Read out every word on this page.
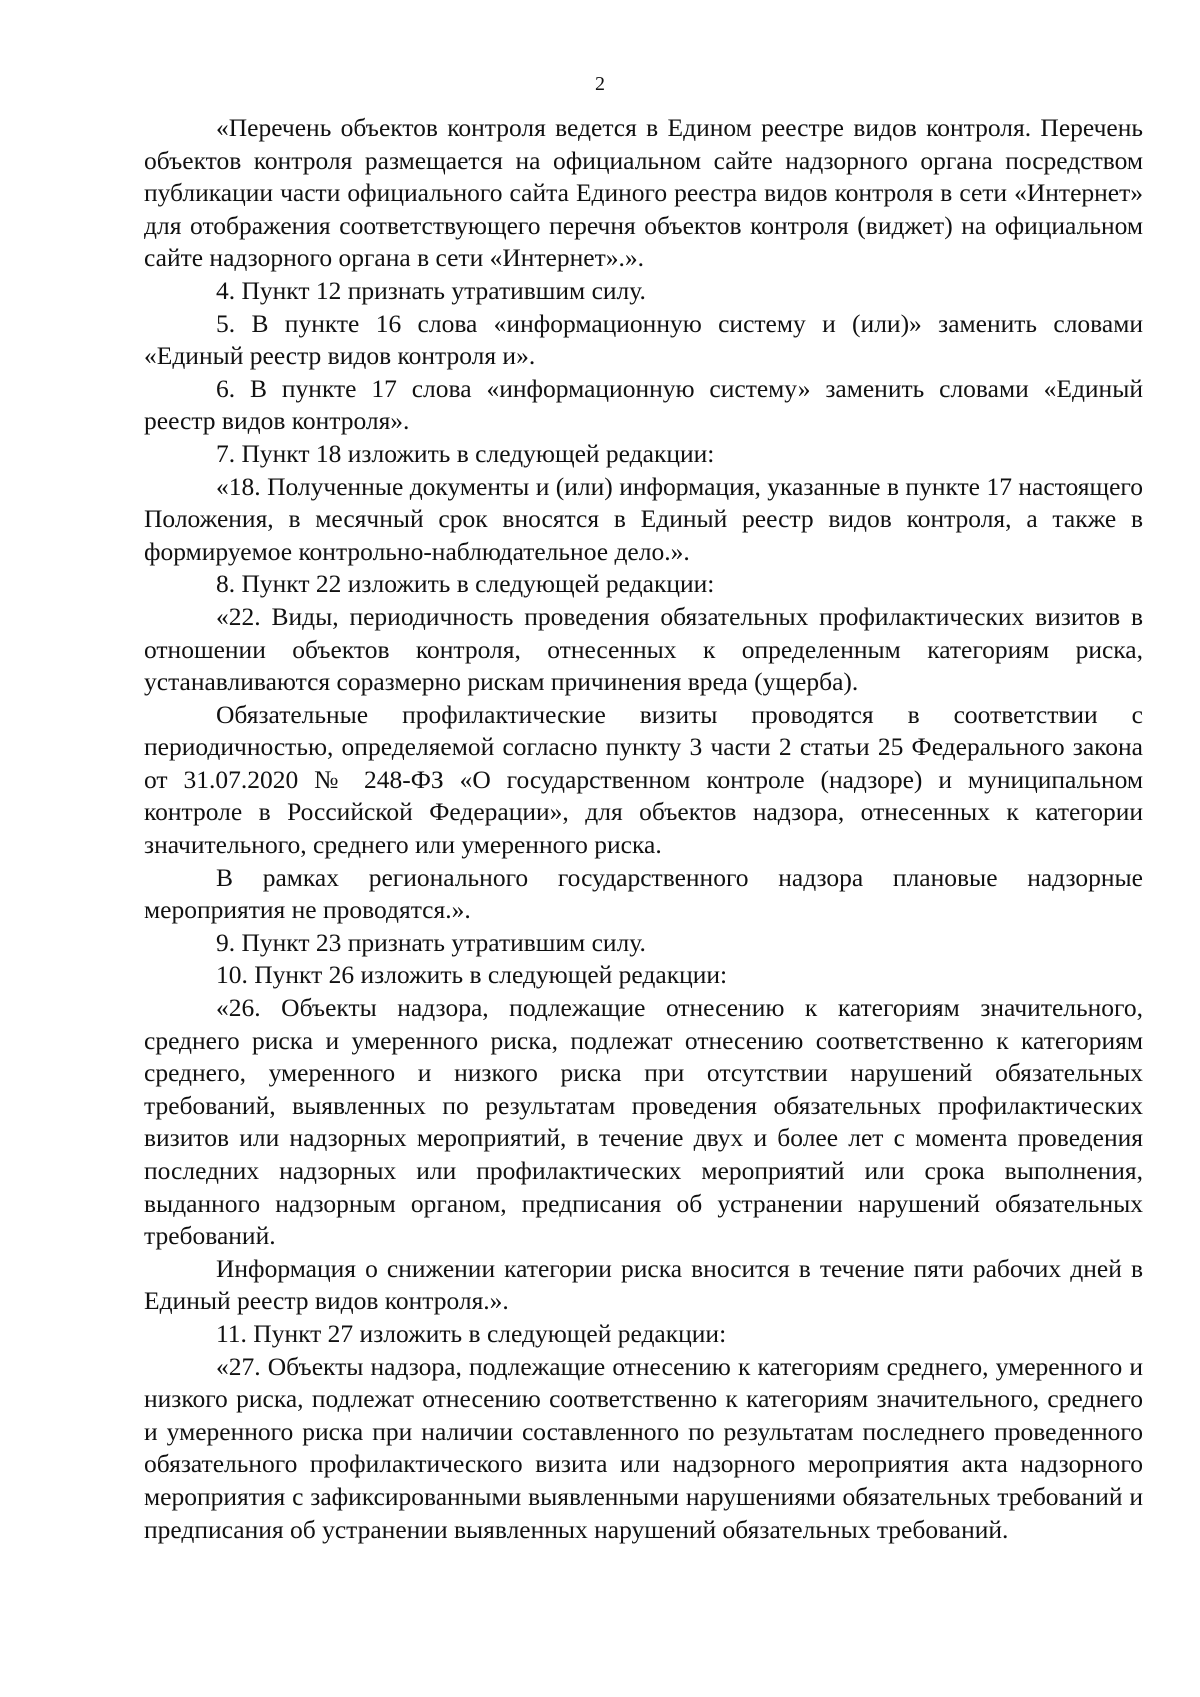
2

«Перечень объектов контроля ведется в Едином реестре видов контроля. Перечень объектов контроля размещается на официальном сайте надзорного органа посредством публикации части официального сайта Единого реестра видов контроля в сети «Интернет» для отображения соответствующего перечня объектов контроля (виджет) на официальном сайте надзорного органа в сети «Интернет».».

4. Пункт 12 признать утратившим силу.

5. В пункте 16 слова «информационную систему и (или)» заменить словами «Единый реестр видов контроля и».

6. В пункте 17 слова «информационную систему» заменить словами «Единый реестр видов контроля».

7. Пункт 18 изложить в следующей редакции:

«18. Полученные документы и (или) информация, указанные в пункте 17 настоящего Положения, в месячный срок вносятся в Единый реестр видов контроля, а также в формируемое контрольно-наблюдательное дело.».

8. Пункт 22 изложить в следующей редакции:

«22. Виды, периодичность проведения обязательных профилактических визитов в отношении объектов контроля, отнесенных к определенным категориям риска, устанавливаются соразмерно рискам причинения вреда (ущерба).

Обязательные профилактические визиты проводятся в соответствии с периодичностью, определяемой согласно пункту 3 части 2 статьи 25 Федерального закона от 31.07.2020 № 248-ФЗ «О государственном контроле (надзоре) и муниципальном контроле в Российской Федерации», для объектов надзора, отнесенных к категории значительного, среднего или умеренного риска.

В рамках регионального государственного надзора плановые надзорные мероприятия не проводятся.».

9. Пункт 23 признать утратившим силу.

10. Пункт 26 изложить в следующей редакции:

«26. Объекты надзора, подлежащие отнесению к категориям значительного, среднего риска и умеренного риска, подлежат отнесению соответственно к категориям среднего, умеренного и низкого риска при отсутствии нарушений обязательных требований, выявленных по результатам проведения обязательных профилактических визитов или надзорных мероприятий, в течение двух и более лет с момента проведения последних надзорных или профилактических мероприятий или срока выполнения, выданного надзорным органом, предписания об устранении нарушений обязательных требований.

Информация о снижении категории риска вносится в течение пяти рабочих дней в Единый реестр видов контроля.».

11. Пункт 27 изложить в следующей редакции:

«27. Объекты надзора, подлежащие отнесению к категориям среднего, умеренного и низкого риска, подлежат отнесению соответственно к категориям значительного, среднего и умеренного риска при наличии составленного по результатам последнего проведенного обязательного профилактического визита или надзорного мероприятия акта надзорного мероприятия с зафиксированными выявленными нарушениями обязательных требований и предписания об устранении выявленных нарушений обязательных требований.
